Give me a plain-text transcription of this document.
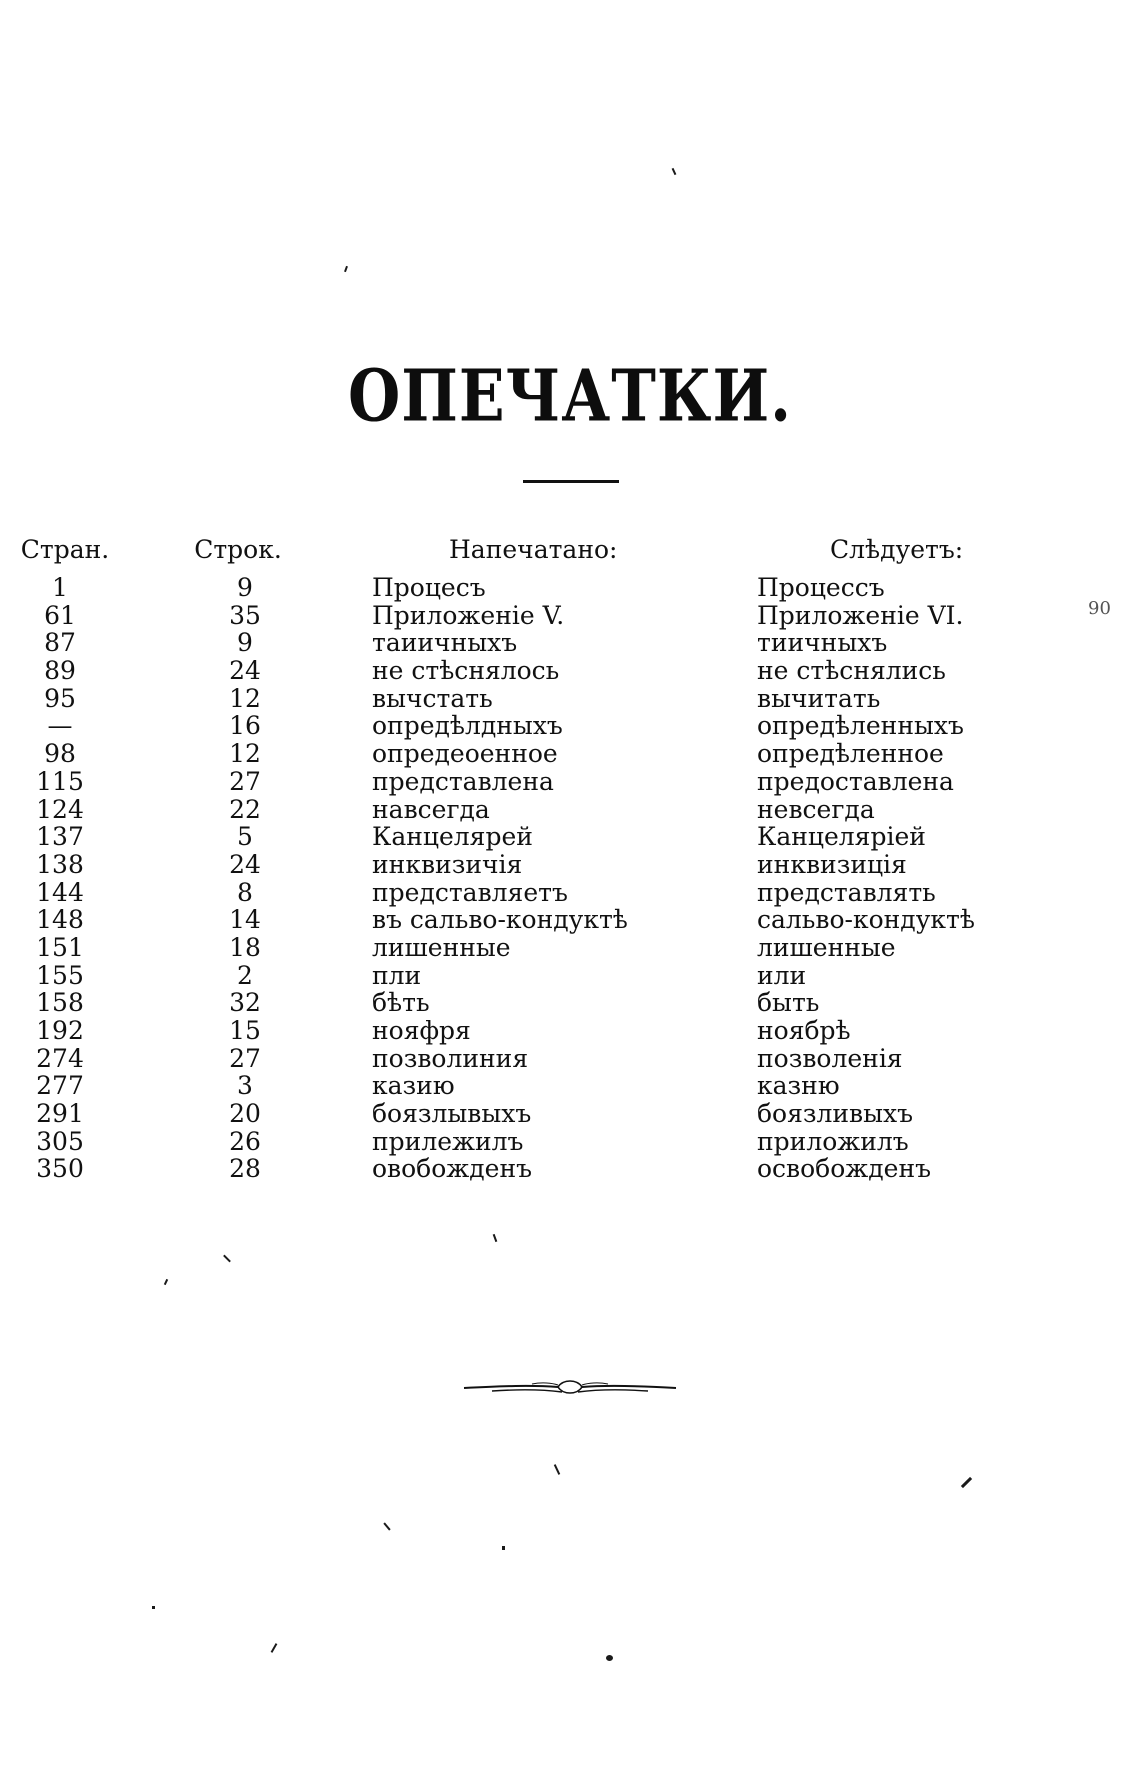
ОПЕЧАТКИ.
Стран.	Строк.	Напечатано:	Слѣдуетъ:
1	9	Процесъ	Процессъ
61	35	Приложеніе V.	Приложеніе VI.
87	9	таиичныхъ	тиичныхъ
89	24	не стѣснялось	не стѣснялись
95	12	вычстать	вычитать
—	16	опредѣлдныхъ	опредѣленныхъ
98	12	опредеоенное	опредѣленное
115	27	представлена	предоставлена
124	22	навсегда	невсегда
137	5	Канцелярей	Канцеляріей
138	24	инквизичія	инквизиція
144	8	представляетъ	представлять
148	14	въ сальво-кондуктѣ	сальво-кондуктѣ
151	18	лишенные	лишенные
155	2	пли	или
158	32	бѣть	быть
192	15	нояфря	ноябрѣ
274	27	позволиния	позволенія
277	3	казию	казню
291	20	боязлывыхъ	боязливыхъ
305	26	прилежилъ	приложилъ
350	28	овобожденъ	освобожденъ
90
